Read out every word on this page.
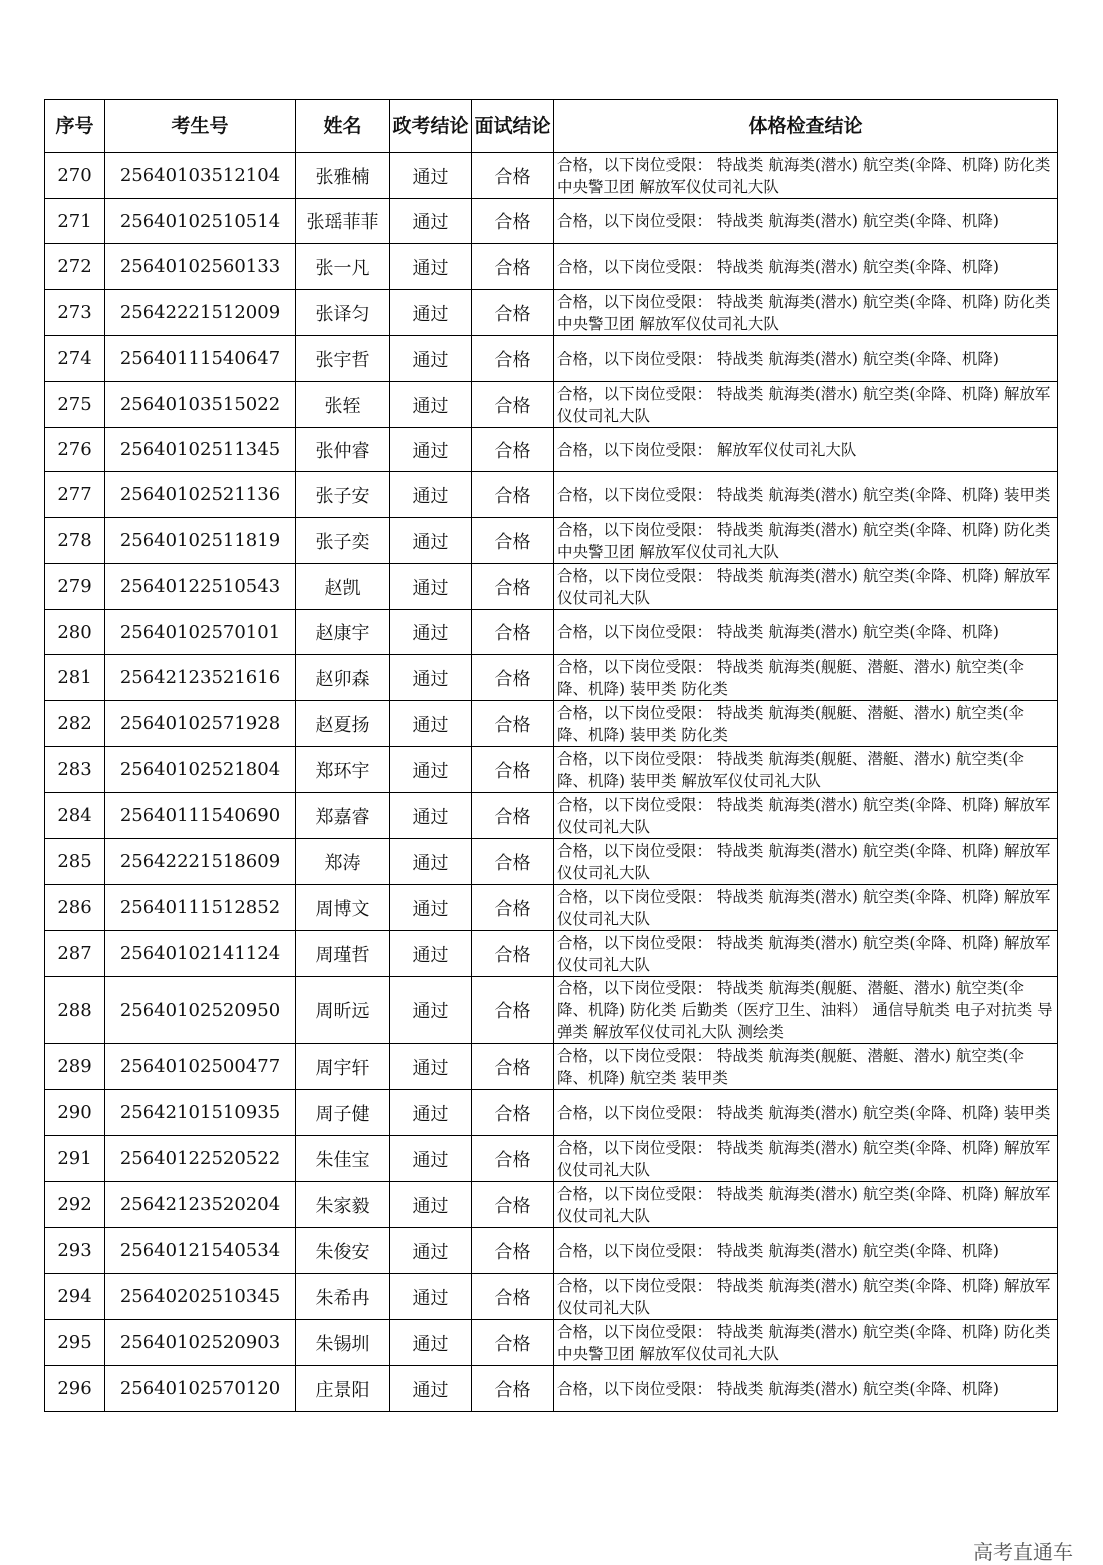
序号	考生号	姓名	政考结论	面试结论	体格检查结论
270	25640103512104	张雅楠	通过	合格	合格，以下岗位受限： 特战类 航海类(潜水) 航空类(伞降、机降) 防化类 中央警卫团 解放军仪仗司礼大队
271	25640102510514	张瑶菲菲	通过	合格	合格，以下岗位受限： 特战类 航海类(潜水) 航空类(伞降、机降)
272	25640102560133	张一凡	通过	合格	合格，以下岗位受限： 特战类 航海类(潜水) 航空类(伞降、机降)
273	25642221512009	张译匀	通过	合格	合格，以下岗位受限： 特战类 航海类(潜水) 航空类(伞降、机降) 防化类 中央警卫团 解放军仪仗司礼大队
274	25640111540647	张宇哲	通过	合格	合格，以下岗位受限： 特战类 航海类(潜水) 航空类(伞降、机降)
275	25640103515022	张轾	通过	合格	合格，以下岗位受限： 特战类 航海类(潜水) 航空类(伞降、机降) 解放军仪仗司礼大队
276	25640102511345	张仲睿	通过	合格	合格，以下岗位受限： 解放军仪仗司礼大队
277	25640102521136	张子安	通过	合格	合格，以下岗位受限： 特战类 航海类(潜水) 航空类(伞降、机降) 装甲类
278	25640102511819	张子奕	通过	合格	合格，以下岗位受限： 特战类 航海类(潜水) 航空类(伞降、机降) 防化类 中央警卫团 解放军仪仗司礼大队
279	25640122510543	赵凯	通过	合格	合格，以下岗位受限： 特战类 航海类(潜水) 航空类(伞降、机降) 解放军仪仗司礼大队
280	25640102570101	赵康宇	通过	合格	合格，以下岗位受限： 特战类 航海类(潜水) 航空类(伞降、机降)
281	25642123521616	赵卯森	通过	合格	合格，以下岗位受限： 特战类 航海类(舰艇、潜艇、潜水) 航空类(伞降、机降) 装甲类 防化类
282	25640102571928	赵夏扬	通过	合格	合格，以下岗位受限： 特战类 航海类(舰艇、潜艇、潜水) 航空类(伞降、机降) 装甲类 防化类
283	25640102521804	郑环宇	通过	合格	合格，以下岗位受限： 特战类 航海类(舰艇、潜艇、潜水) 航空类(伞降、机降) 装甲类 解放军仪仗司礼大队
284	25640111540690	郑嘉睿	通过	合格	合格，以下岗位受限： 特战类 航海类(潜水) 航空类(伞降、机降) 解放军仪仗司礼大队
285	25642221518609	郑涛	通过	合格	合格，以下岗位受限： 特战类 航海类(潜水) 航空类(伞降、机降) 解放军仪仗司礼大队
286	25640111512852	周博文	通过	合格	合格，以下岗位受限： 特战类 航海类(潜水) 航空类(伞降、机降) 解放军仪仗司礼大队
287	25640102141124	周瑾哲	通过	合格	合格，以下岗位受限： 特战类 航海类(潜水) 航空类(伞降、机降) 解放军仪仗司礼大队
288	25640102520950	周昕远	通过	合格	合格，以下岗位受限： 特战类 航海类(舰艇、潜艇、潜水) 航空类(伞降、机降) 防化类 后勤类（医疗卫生、油料） 通信导航类 电子对抗类 导弹类 解放军仪仗司礼大队 测绘类
289	25640102500477	周宇轩	通过	合格	合格，以下岗位受限： 特战类 航海类(舰艇、潜艇、潜水) 航空类(伞降、机降) 航空类 装甲类
290	25642101510935	周子健	通过	合格	合格，以下岗位受限： 特战类 航海类(潜水) 航空类(伞降、机降) 装甲类
291	25640122520522	朱佳宝	通过	合格	合格，以下岗位受限： 特战类 航海类(潜水) 航空类(伞降、机降) 解放军仪仗司礼大队
292	25642123520204	朱家毅	通过	合格	合格，以下岗位受限： 特战类 航海类(潜水) 航空类(伞降、机降) 解放军仪仗司礼大队
293	25640121540534	朱俊安	通过	合格	合格，以下岗位受限： 特战类 航海类(潜水) 航空类(伞降、机降)
294	25640202510345	朱希冉	通过	合格	合格，以下岗位受限： 特战类 航海类(潜水) 航空类(伞降、机降) 解放军仪仗司礼大队
295	25640102520903	朱锡圳	通过	合格	合格，以下岗位受限： 特战类 航海类(潜水) 航空类(伞降、机降) 防化类 中央警卫团 解放军仪仗司礼大队
296	25640102570120	庄景阳	通过	合格	合格，以下岗位受限： 特战类 航海类(潜水) 航空类(伞降、机降)
高考直通车
